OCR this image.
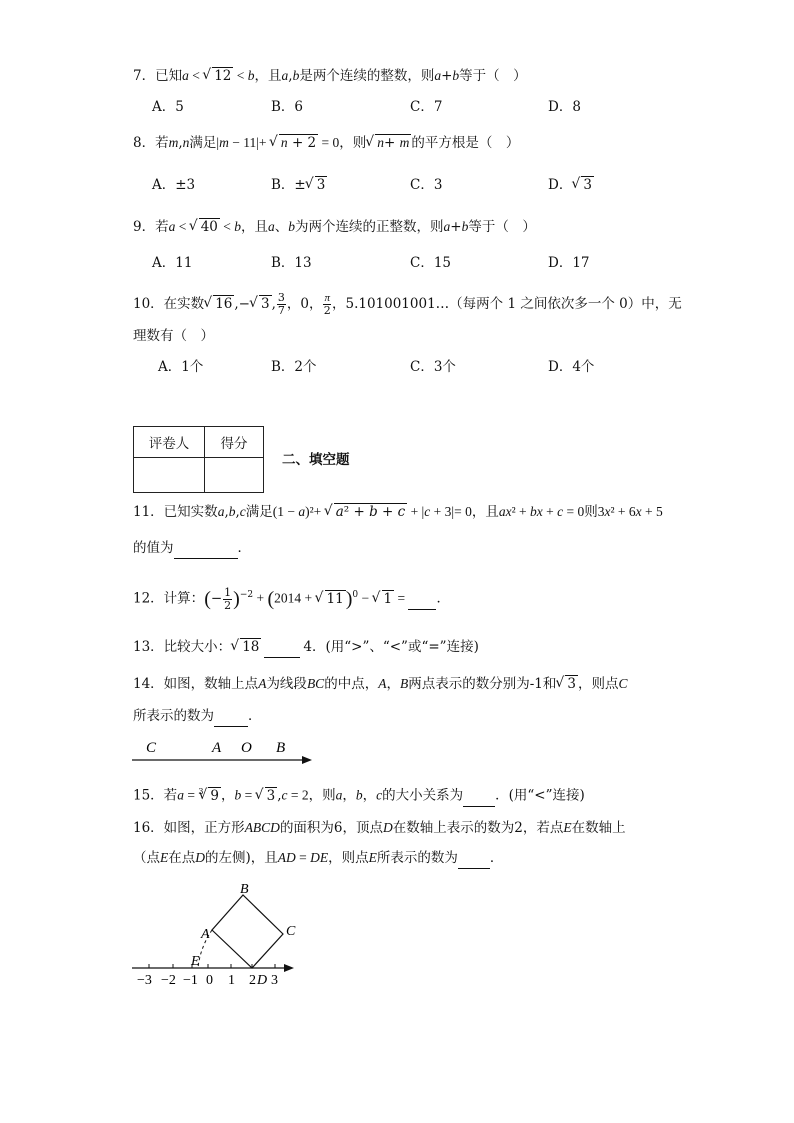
7．已知a < √ 12 < b，且a,b是两个连续的整数，则a+b等于（　）
A．5	B．6	C．7	D．8
8．若m,n满足|m − 11|+ √ n + 2 = 0，则 √ n+ m 的平方根是（　）
A．±3	B．± √ 3	C．3	D． √ 3
9．若a < √ 40 < b，且a、b为两个连续的正整数，则a+b等于（　）
A．11	B．13	C．15	D．17
10．在实数 √ 16 ,− √ 3 , $\frac{3}{7}$ ，0， $\frac{\pi}{2}$ ，5.101001001…（每两个 1 之间依次多一个 0）中，无
理数有（　）
A．1个	B．2个	C．3个	D．4个
评卷人	得分

二、填空题
11．已知实数a,b,c满足(1 − a)²+ √ a² + b + c + |c + 3|= 0，且ax² + bx + c = 0则3x² + 6x + 5
的值为	．
12．计算：(− $\frac{1}{2} )^{-2} + (2014$ + √ 11 )$^0$ − √ 1 =  ．
13．比较大小： √ 18	4．(用“>”、“<”或“=”连接)
14．如图，数轴上点A为线段BC的中点，A，B两点表示的数分别为-1和 √ 3 ，则点C
所表示的数为	．
C	A O B
15．若a = $^3$ √ 9 ，b = √ 3 ,c = 2，则a，b，c的大小关系为 ．(用“<”连接)
16．如图，正方形ABCD的面积为6，顶点D在数轴上表示的数为2，若点E在数轴上
（点E在点D的左侧)，且AD = DE，则点E所表示的数为 ．
B
A	C
E
D
−3 −2 −1 0 1 2 3
